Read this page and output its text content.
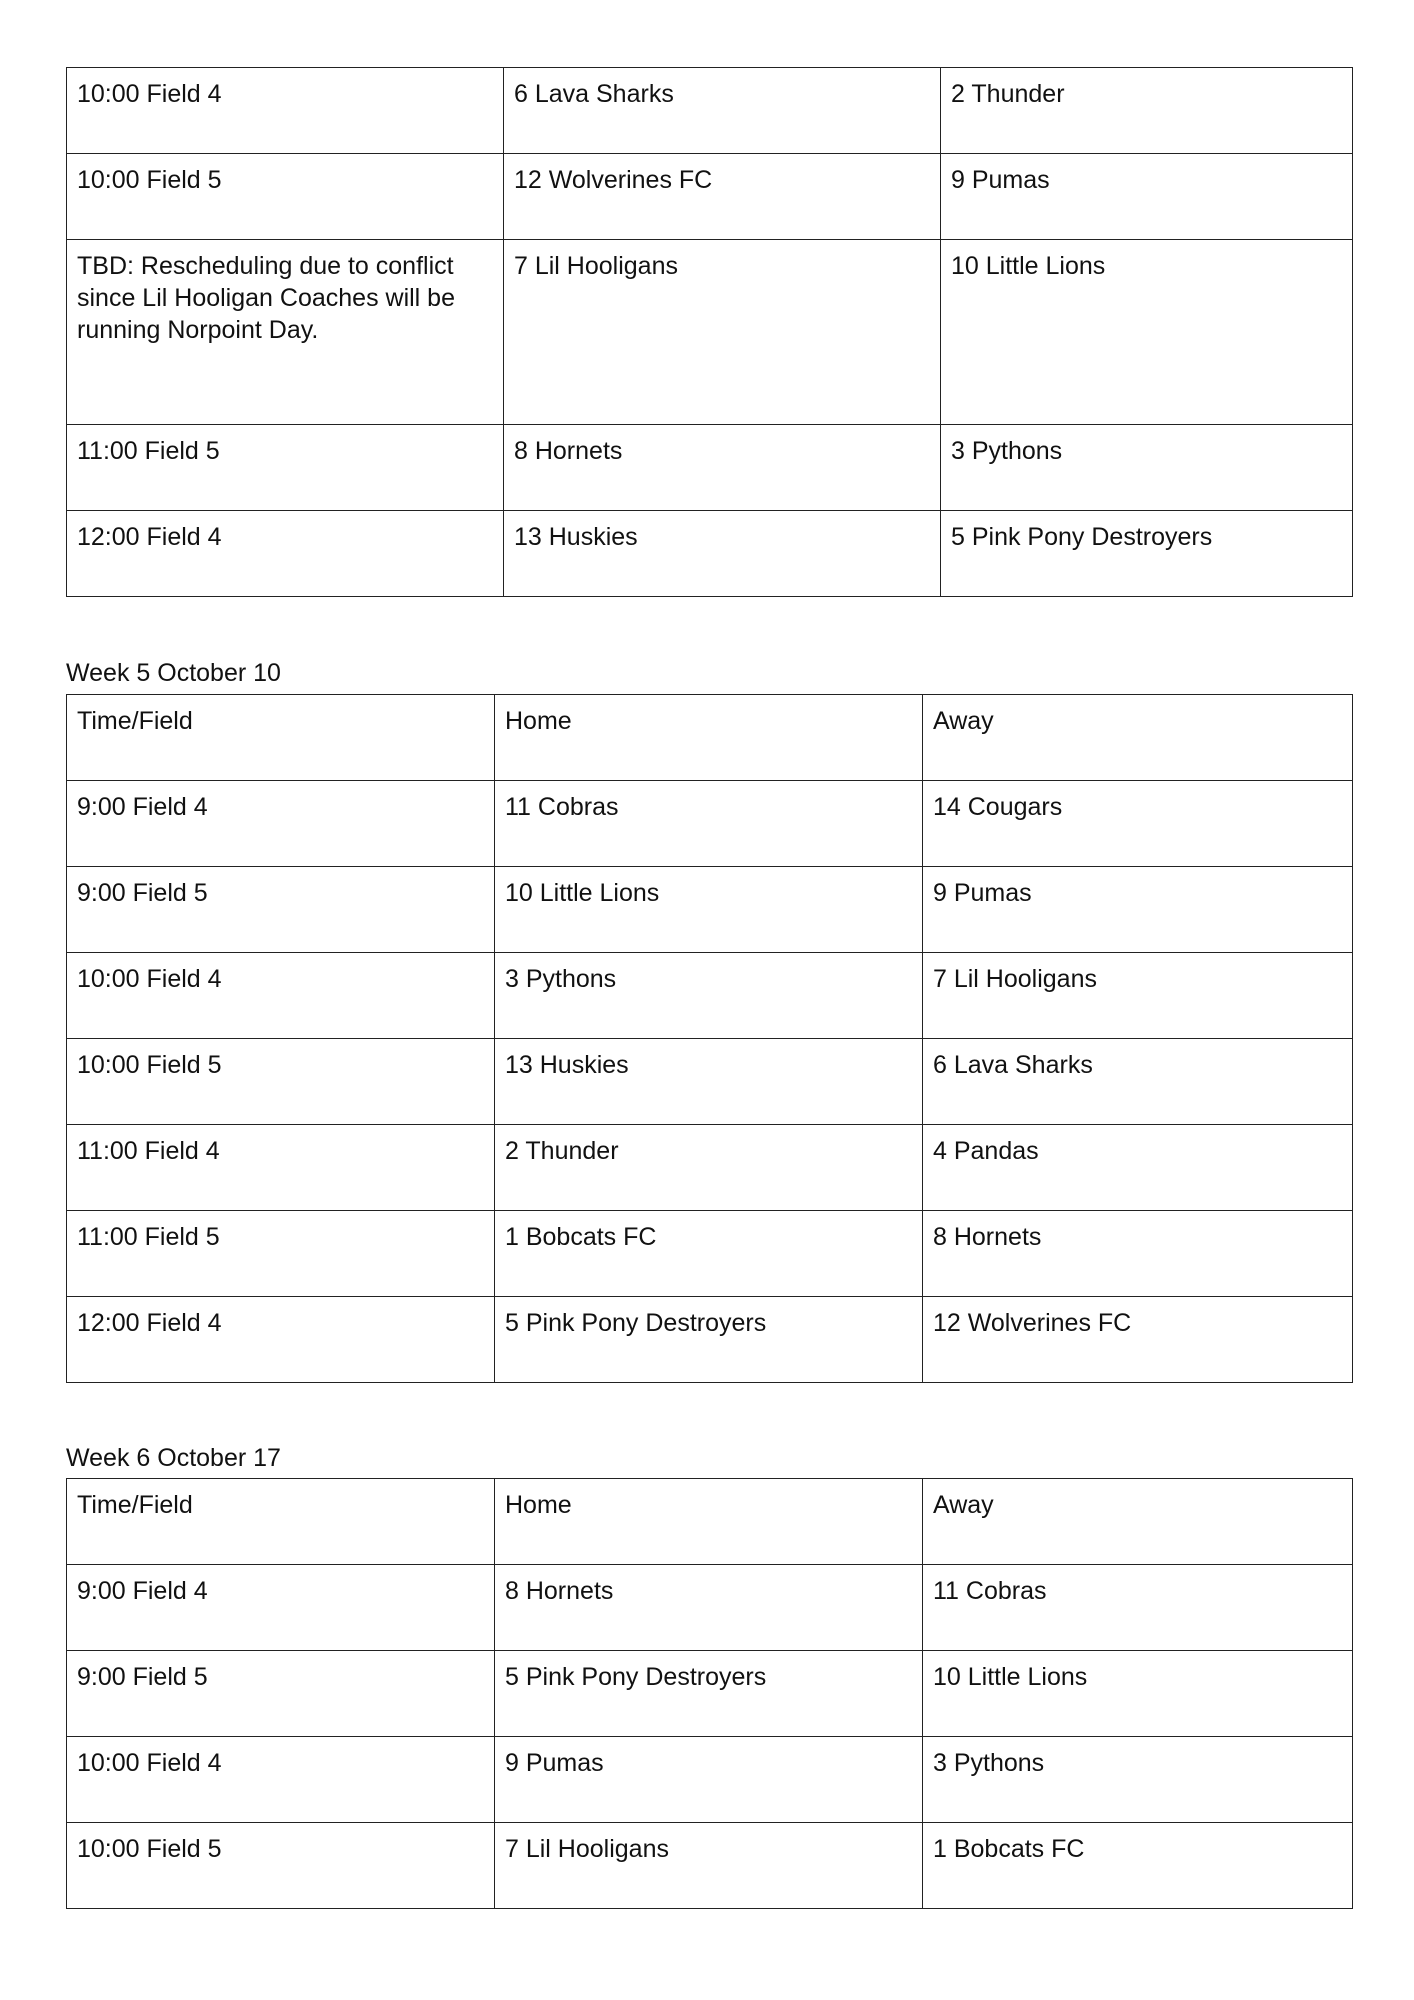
10:00 Field 4	6 Lava Sharks	2 Thunder
10:00 Field 5	12 Wolverines FC	9 Pumas
TBD: Rescheduling due to conflict since Lil Hooligan Coaches will be running Norpoint Day.	7 Lil Hooligans	10 Little Lions
11:00 Field 5	8 Hornets	3 Pythons
12:00 Field 4	13 Huskies	5 Pink Pony Destroyers
Week 5 October 10
Time/Field	Home	Away
9:00 Field 4	11 Cobras	14 Cougars
9:00 Field 5	10 Little Lions	9 Pumas
10:00 Field 4	3 Pythons	7 Lil Hooligans
10:00 Field 5	13 Huskies	6 Lava Sharks
11:00 Field 4	2 Thunder	4 Pandas
11:00 Field 5	1 Bobcats FC	8 Hornets
12:00 Field 4	5 Pink Pony Destroyers	12 Wolverines FC
Week 6 October 17
Time/Field	Home	Away
9:00 Field 4	8 Hornets	11 Cobras
9:00 Field 5	5 Pink Pony Destroyers	10 Little Lions
10:00 Field 4	9 Pumas	3 Pythons
10:00 Field 5	7 Lil Hooligans	1 Bobcats FC
